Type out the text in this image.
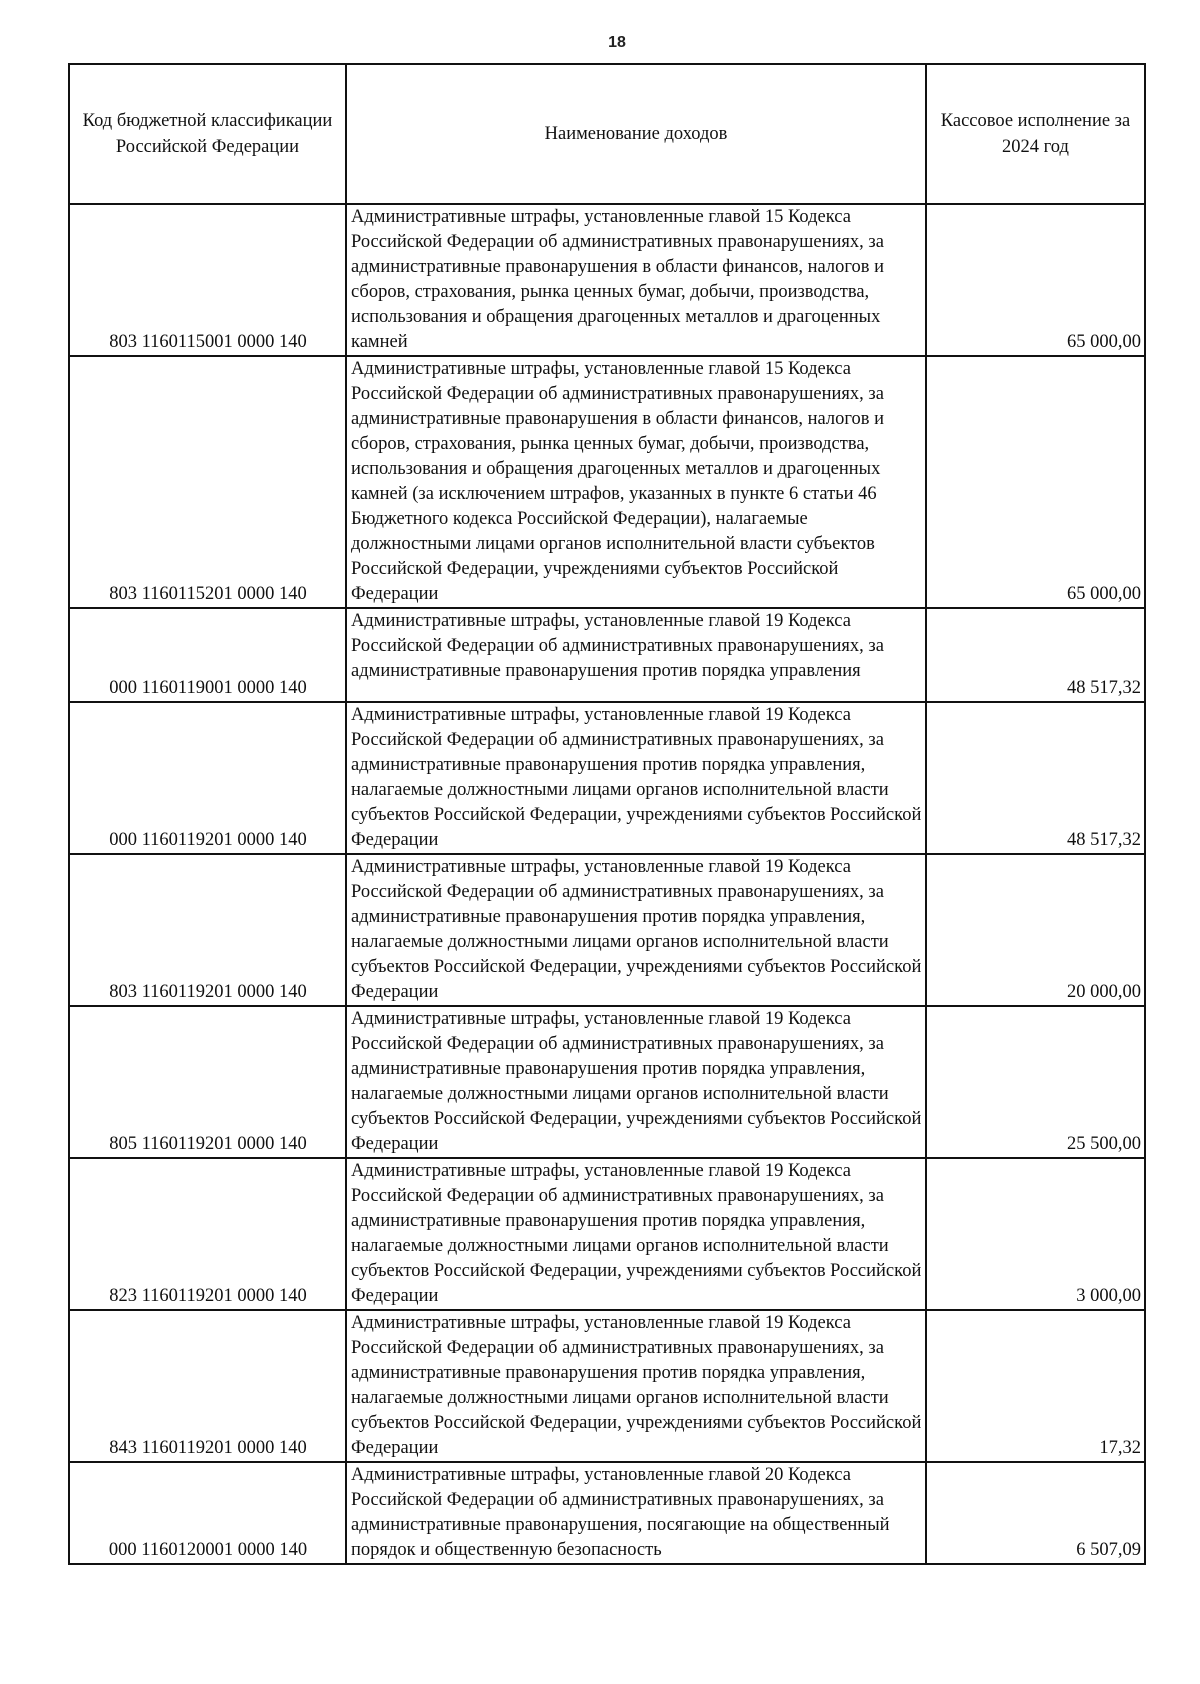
18
Код бюджетной классификации Российской Федерации	Наименование доходов	Кассовое исполнение за 2024 год
803 1160115001 0000 140	Административные штрафы, установленные главой 15 Кодекса Российской Федерации об административных правонарушениях, за административные правонарушения в области финансов, налогов и сборов, страхования, рынка ценных бумаг, добычи, производства, использования и обращения драгоценных металлов и драгоценных камней	65 000,00
803 1160115201 0000 140	Административные штрафы, установленные главой 15 Кодекса Российской Федерации об административных правонарушениях, за административные правонарушения в области финансов, налогов и сборов, страхования, рынка ценных бумаг, добычи, производства, использования и обращения драгоценных металлов и драгоценных камней (за исключением штрафов, указанных в пункте 6 статьи 46 Бюджетного кодекса Российской Федерации), налагаемые должностными лицами органов исполнительной власти субъектов Российской Федерации, учреждениями субъектов Российской Федерации	65 000,00
000 1160119001 0000 140	Административные штрафы, установленные главой 19 Кодекса Российской Федерации об административных правонарушениях, за административные правонарушения против порядка управления	48 517,32
000 1160119201 0000 140	Административные штрафы, установленные главой 19 Кодекса Российской Федерации об административных правонарушениях, за административные правонарушения против порядка управления, налагаемые должностными лицами органов исполнительной власти субъектов Российской Федерации, учреждениями субъектов Российской Федерации	48 517,32
803 1160119201 0000 140	Административные штрафы, установленные главой 19 Кодекса Российской Федерации об административных правонарушениях, за административные правонарушения против порядка управления, налагаемые должностными лицами органов исполнительной власти субъектов Российской Федерации, учреждениями субъектов Российской Федерации	20 000,00
805 1160119201 0000 140	Административные штрафы, установленные главой 19 Кодекса Российской Федерации об административных правонарушениях, за административные правонарушения против порядка управления, налагаемые должностными лицами органов исполнительной власти субъектов Российской Федерации, учреждениями субъектов Российской Федерации	25 500,00
823 1160119201 0000 140	Административные штрафы, установленные главой 19 Кодекса Российской Федерации об административных правонарушениях, за административные правонарушения против порядка управления, налагаемые должностными лицами органов исполнительной власти субъектов Российской Федерации, учреждениями субъектов Российской Федерации	3 000,00
843 1160119201 0000 140	Административные штрафы, установленные главой 19 Кодекса Российской Федерации об административных правонарушениях, за административные правонарушения против порядка управления, налагаемые должностными лицами органов исполнительной власти субъектов Российской Федерации, учреждениями субъектов Российской Федерации	17,32
000 1160120001 0000 140	Административные штрафы, установленные главой 20 Кодекса Российской Федерации об административных правонарушениях, за административные правонарушения, посягающие на общественный порядок и общественную безопасность	6 507,09
